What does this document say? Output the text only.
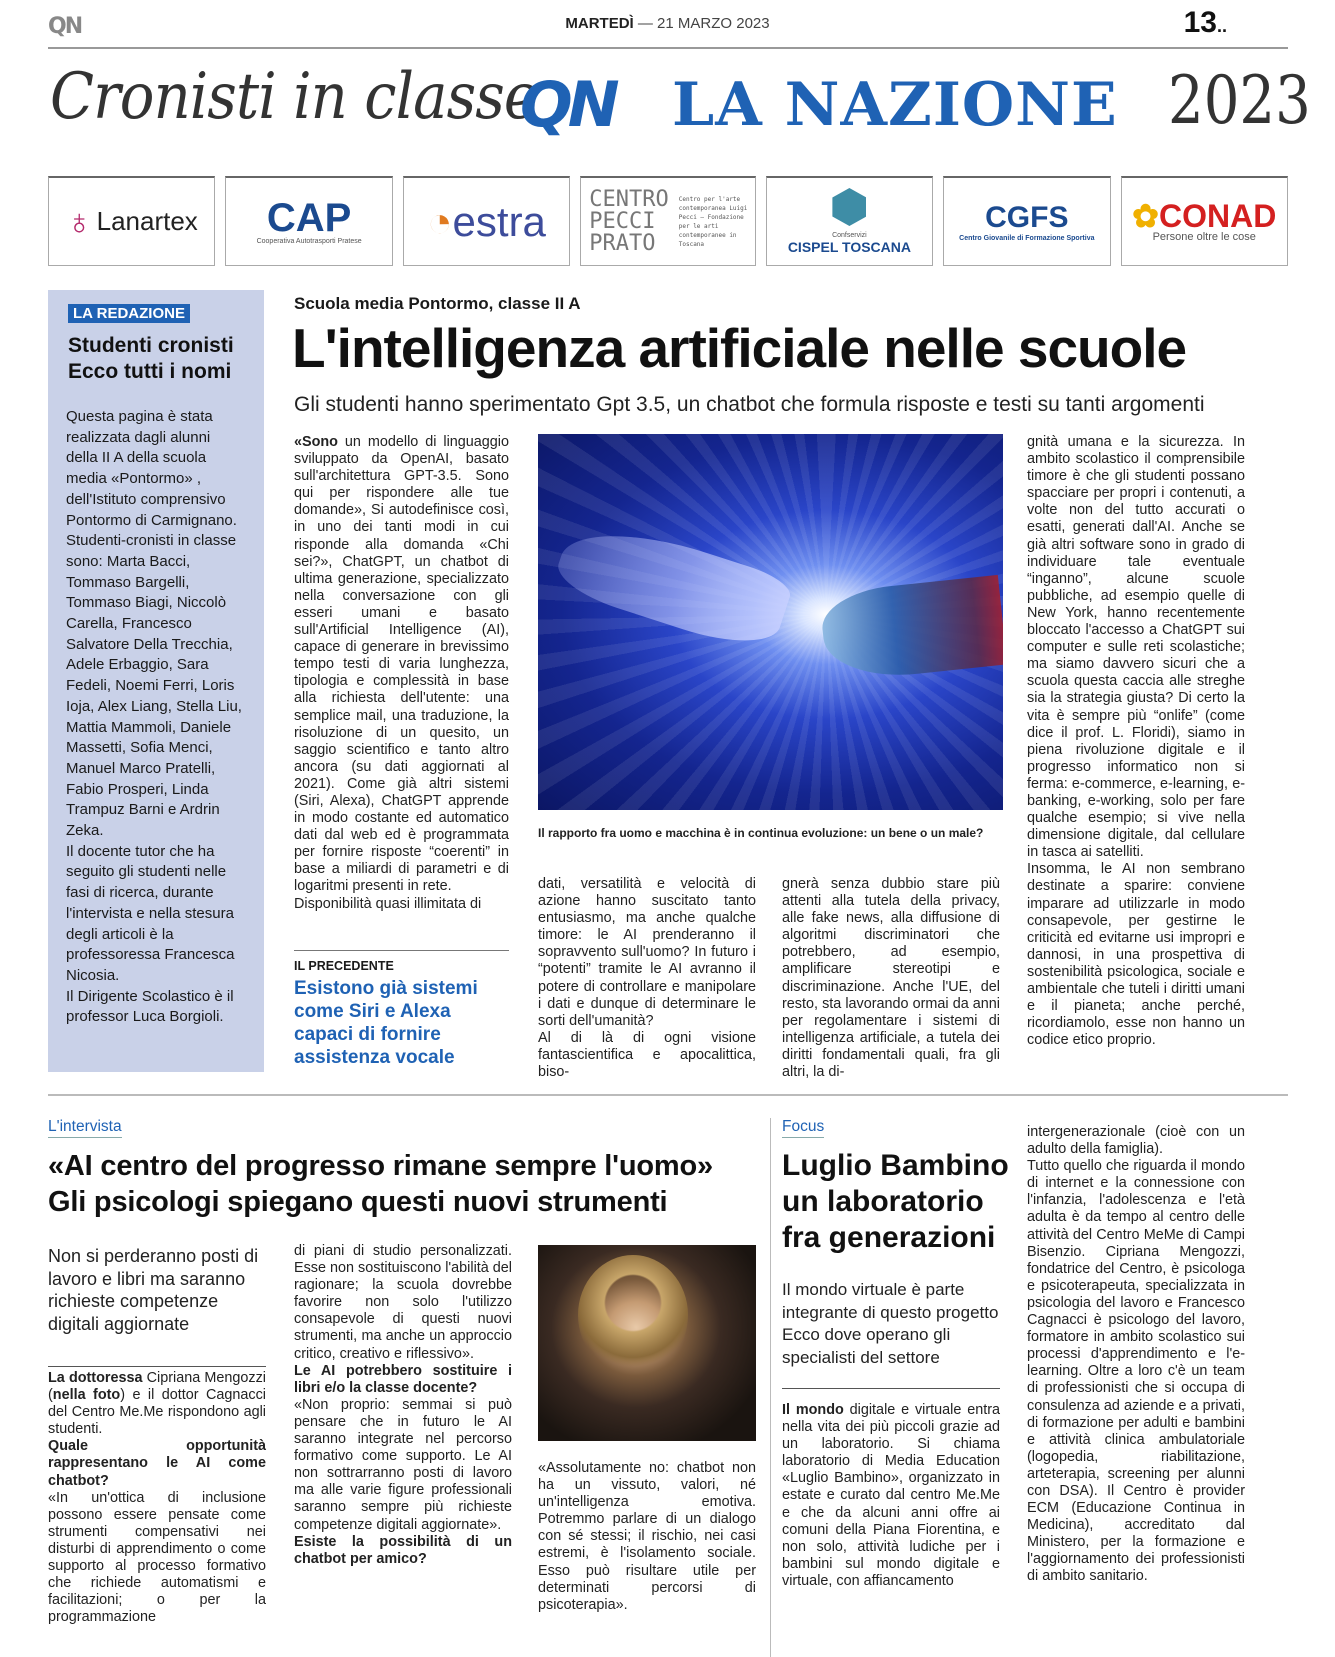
QN	MARTEDÌ — 21 MARZO 2023	13..
Cronisti in classe
QN LA NAZIONE 2023
♁ Lanartex CAP
Cooperativa Autotrasporti Pratese ◔ estra CENTRO PECCI PRATO
Centro per l'arte contemporanea Luigi Pecci — Fondazione per le arti contemporanee in Toscana
Confservizi
CISPEL TOSCANA
CGFS
Centro Giovanile di Formazione Sportiva
✿CONAD
Persone oltre le cose
LA REDAZIONE
Studenti cronisti
Ecco tutti i nomi
Questa pagina è stata realizzata dagli alunni della II A della scuola media «Pontormo» , dell'Istituto comprensivo Pontormo di Carmignano. Studenti-cronisti in classe sono: Marta Bacci, Tommaso Bargelli, Tommaso Biagi, Niccolò Carella, Francesco Salvatore Della Trecchia, Adele Erbaggio, Sara Fedeli, Noemi Ferri, Loris Ioja, Alex Liang, Stella Liu, Mattia Mammoli, Daniele Massetti, Sofia Menci, Manuel Marco Pratelli, Fabio Prosperi, Linda Trampuz Barni e Ardrin Zeka.
Il docente tutor che ha seguito gli studenti nelle fasi di ricerca, durante l'intervista e nella stesura degli articoli è la professoressa Francesca Nicosia.
Il Dirigente Scolastico è il professor Luca Borgioli.
Scuola media Pontormo, classe II A
L'intelligenza artificiale nelle scuole
Gli studenti hanno sperimentato Gpt 3.5, un chatbot che formula risposte e testi su tanti argomenti
«Sono un modello di linguaggio sviluppato da OpenAI, basato sull'architettura GPT-3.5. Sono qui per rispondere alle tue domande», Si autodefinisce così, in uno dei tanti modi in cui risponde alla domanda «Chi sei?», ChatGPT, un chatbot di ultima generazione, specializzato nella conversazione con gli esseri umani e basato sull'Artificial Intelligence (AI), capace di generare in brevissimo tempo testi di varia lunghezza, tipologia e complessità in base alla richiesta dell'utente: una semplice mail, una traduzione, la risoluzione di un quesito, un saggio scientifico e tanto altro ancora (su dati aggiornati al 2021). Come già altri sistemi (Siri, Alexa), ChatGPT apprende in modo costante ed automatico dati dal web ed è programmata per fornire risposte “coerenti” in base a miliardi di parametri e di logaritmi presenti in rete.
Disponibilità quasi illimitata di
IL PRECEDENTE
Esistono già sistemi come Siri e Alexa capaci di fornire assistenza vocale
Il rapporto fra uomo e macchina è in continua evoluzione: un bene o un male?
dati, versatilità e velocità di azione hanno suscitato tanto entusiasmo, ma anche qualche timore: le AI prenderanno il sopravvento sull'uomo? In futuro i “potenti” tramite le AI avranno il potere di controllare e manipolare i dati e dunque di determinare le sorti dell'umanità?
Al di là di ogni visione fantascientifica e apocalittica, biso-
gnerà senza dubbio stare più attenti alla tutela della privacy, alle fake news, alla diffusione di algoritmi discriminatori che potrebbero, ad esempio, amplificare stereotipi e discriminazione. Anche l'UE, del resto, sta lavorando ormai da anni per regolamentare i sistemi di intelligenza artificiale, a tutela dei diritti fondamentali quali, fra gli altri, la di-
gnità umana e la sicurezza. In ambito scolastico il comprensibile timore è che gli studenti possano spacciare per propri i contenuti, a volte non del tutto accurati o esatti, generati dall'AI. Anche se già altri software sono in grado di individuare tale eventuale “inganno”, alcune scuole pubbliche, ad esempio quelle di New York, hanno recentemente bloccato l'accesso a ChatGPT sui computer e sulle reti scolastiche; ma siamo davvero sicuri che a scuola questa caccia alle streghe sia la strategia giusta? Di certo la vita è sempre più “onlife” (come dice il prof. L. Floridi), siamo in piena rivoluzione digitale e il progresso informatico non si ferma: e-commerce, e-learning, e-banking, e-working, solo per fare qualche esempio; si vive nella dimensione digitale, dal cellulare in tasca ai satelliti.
Insomma, le AI non sembrano destinate a sparire: conviene imparare ad utilizzarle in modo consapevole, per gestirne le criticità ed evitarne usi impropri e dannosi, in una prospettiva di sostenibilità psicologica, sociale e ambientale che tuteli i diritti umani e il pianeta; anche perché, ricordiamolo, esse non hanno un codice etico proprio.
L'intervista
«AI centro del progresso rimane sempre l'uomo»
Gli psicologi spiegano questi nuovi strumenti
Non si perderanno posti di lavoro e libri ma saranno richieste competenze digitali aggiornate
La dottoressa Cipriana Mengozzi (nella foto) e il dottor Cagnacci del Centro Me.Me rispondono agli studenti.
Quale opportunità rappresentano le AI come chatbot?
«In un'ottica di inclusione possono essere pensate come strumenti compensativi nei disturbi di apprendimento o come supporto al processo formativo che richiede automatismi e facilitazioni; o per la programmazione
di piani di studio personalizzati. Esse non sostituiscono l'abilità del ragionare; la scuola dovrebbe favorire non solo l'utilizzo consapevole di questi nuovi strumenti, ma anche un approccio critico, creativo e riflessivo».
Le AI potrebbero sostituire i libri e/o la classe docente?
«Non proprio: semmai si può pensare che in futuro le AI saranno integrate nel percorso formativo come supporto. Le AI non sottrarranno posti di lavoro ma alle varie figure professionali saranno sempre più richieste competenze digitali aggiornate».
Esiste la possibilità di un chatbot per amico?
«Assolutamente no: chatbot non ha un vissuto, valori, né un'intelligenza emotiva. Potremmo parlare di un dialogo con sé stessi; il rischio, nei casi estremi, è l'isolamento sociale. Esso può risultare utile per determinati percorsi di psicoterapia».
Focus
Luglio Bambino
un laboratorio
fra generazioni
Il mondo virtuale è parte integrante di questo progetto Ecco dove operano gli specialisti del settore
Il mondo digitale e virtuale entra nella vita dei più piccoli grazie ad un laboratorio. Si chiama laboratorio di Media Education «Luglio Bambino», organizzato in estate e curato dal centro Me.Me e che da alcuni anni offre ai comuni della Piana Fiorentina, e non solo, attività ludiche per i bambini sul mondo digitale e virtuale, con affiancamento
intergenerazionale (cioè con un adulto della famiglia).
Tutto quello che riguarda il mondo di internet e la connessione con l'infanzia, l'adolescenza e l'età adulta è da tempo al centro delle attività del Centro MeMe di Campi Bisenzio. Cipriana Mengozzi, fondatrice del Centro, è psicologa e psicoterapeuta, specializzata in psicologia del lavoro e Francesco Cagnacci è psicologo del lavoro, formatore in ambito scolastico sui processi d'apprendimento e l'e-learning. Oltre a loro c'è un team di professionisti che si occupa di consulenza ad aziende e a privati, di formazione per adulti e bambini e attività clinica ambulatoriale (logopedia, riabilitazione, arteterapia, screening per alunni con DSA). Il Centro è provider ECM (Educazione Continua in Medicina), accreditato dal Ministero, per la formazione e l'aggiornamento dei professionisti di ambito sanitario.
